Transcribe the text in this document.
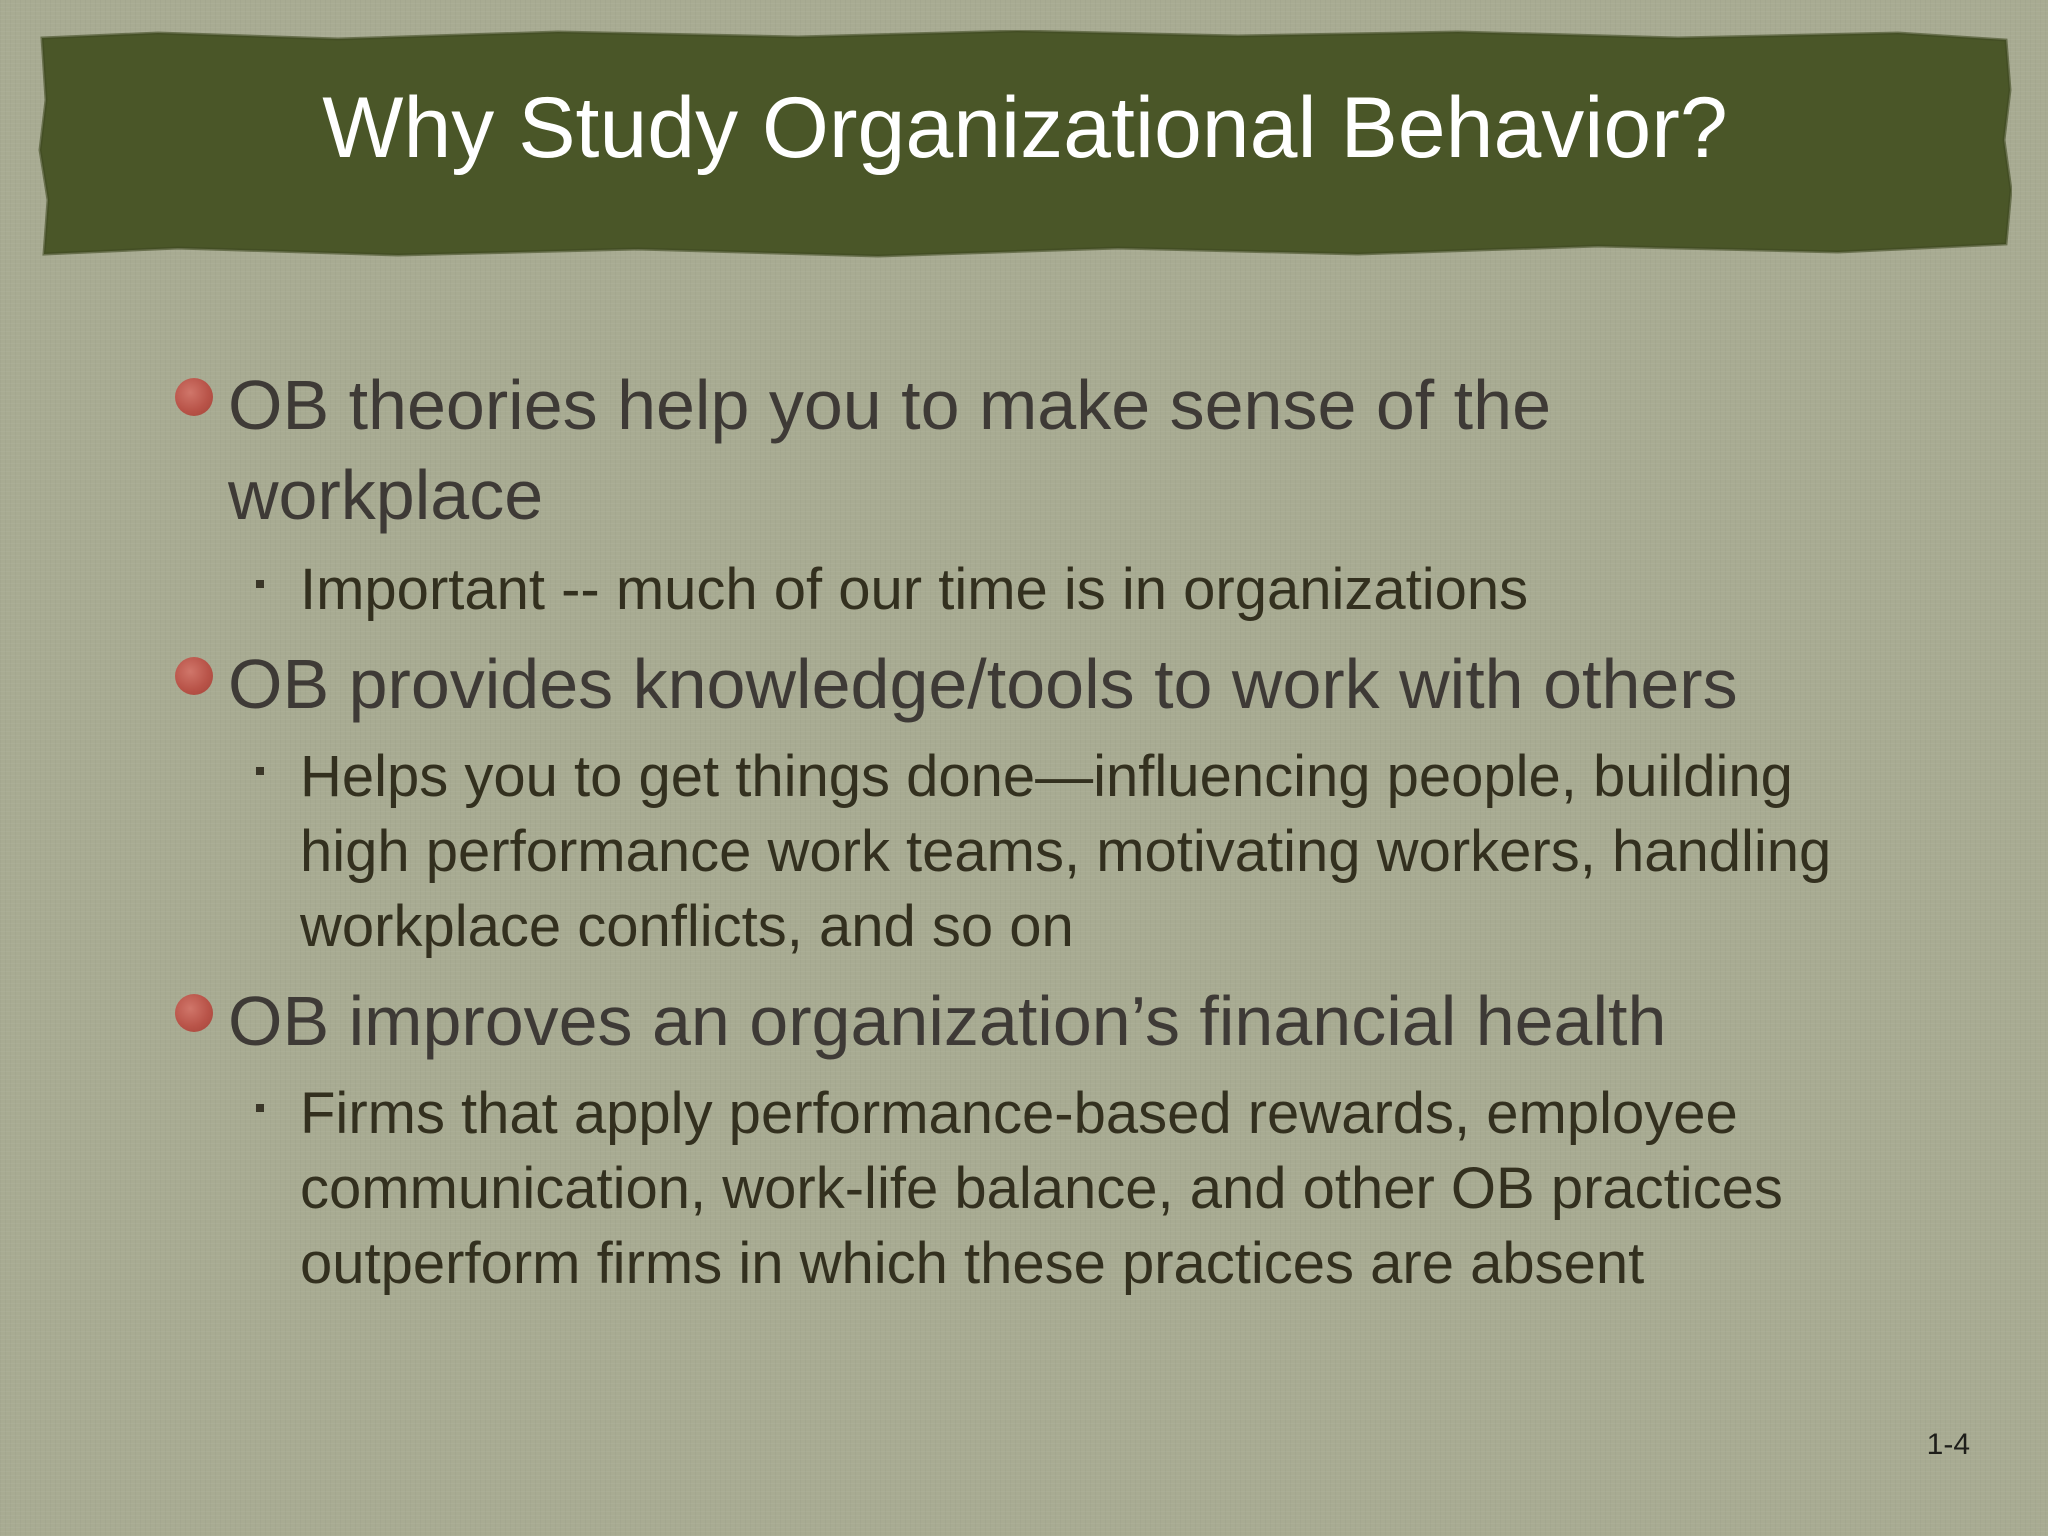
Why Study Organizational Behavior?
OB theories help you to make sense of the workplace
Important -- much of our time is in organizations
OB provides knowledge/tools to work with others
Helps you to get things done—influencing people, building high performance work teams, motivating workers, handling workplace conflicts, and so on
OB improves an organization’s financial health
Firms that apply performance-based rewards, employee communication, work-life balance, and other OB practices outperform firms in which these practices are absent
1-4
